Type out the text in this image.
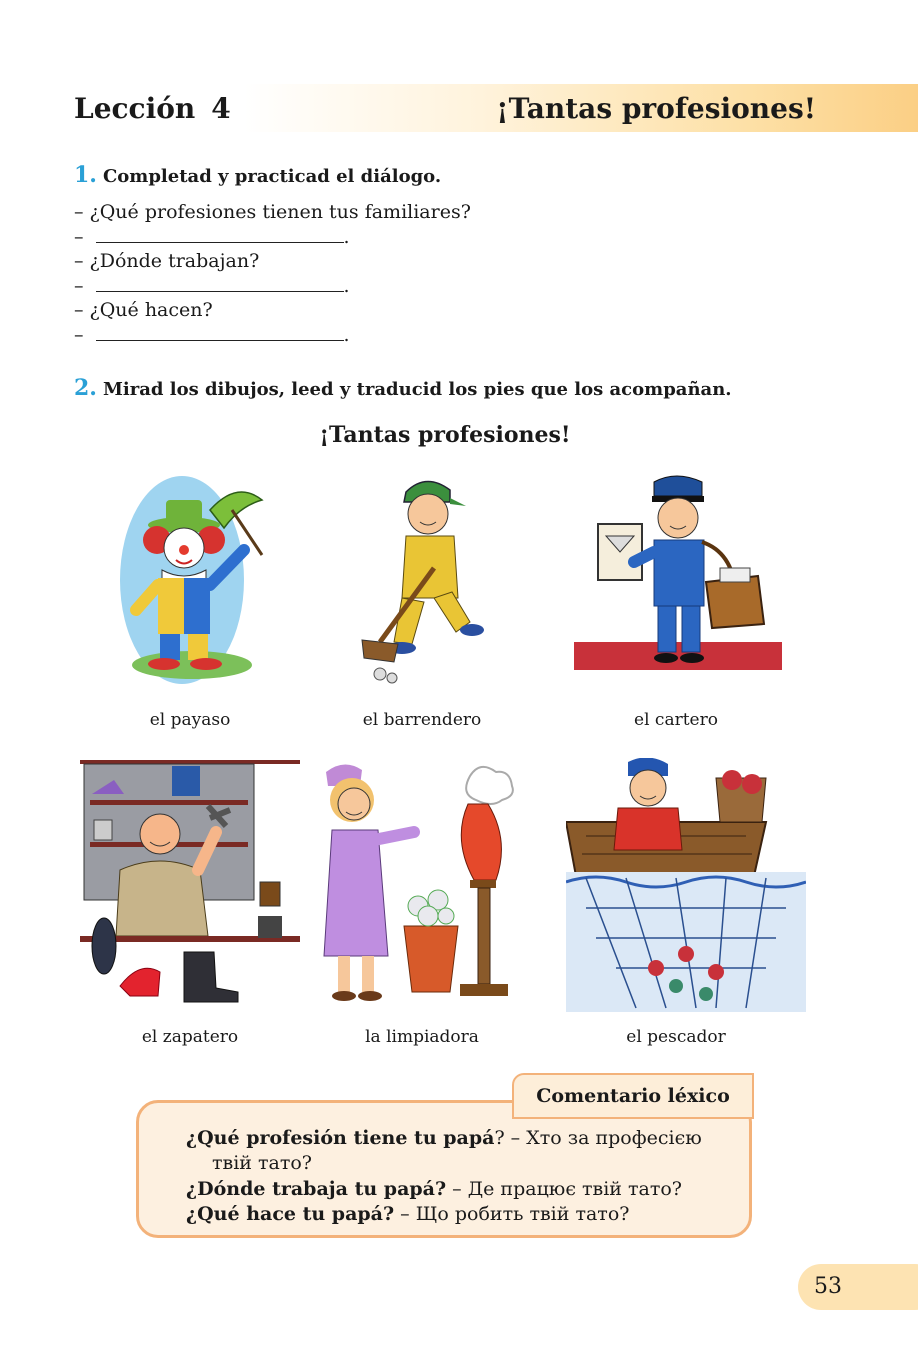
Lección 4	¡Tantas profesiones!
1. Completad y practicad el diálogo.
– ¿Qué profesiones tienen tus familiares?
–	.
– ¿Dónde trabajan?
–	.
– ¿Qué hacen?
–	.
2. Mirad los dibujos, leed y traducid los pies que los acompañan.
¡Tantas profesiones!
el payaso	el barrendero	el cartero
el zapatero	la limpiadora	el pescador
Comentario léxico
¿Qué profesión tiene tu papá? – Хто за професією
твій тато?
¿Dónde trabaja tu papá? – Де працює твій тато?
¿Qué hace tu papá? – Що робить твій тато?
53
